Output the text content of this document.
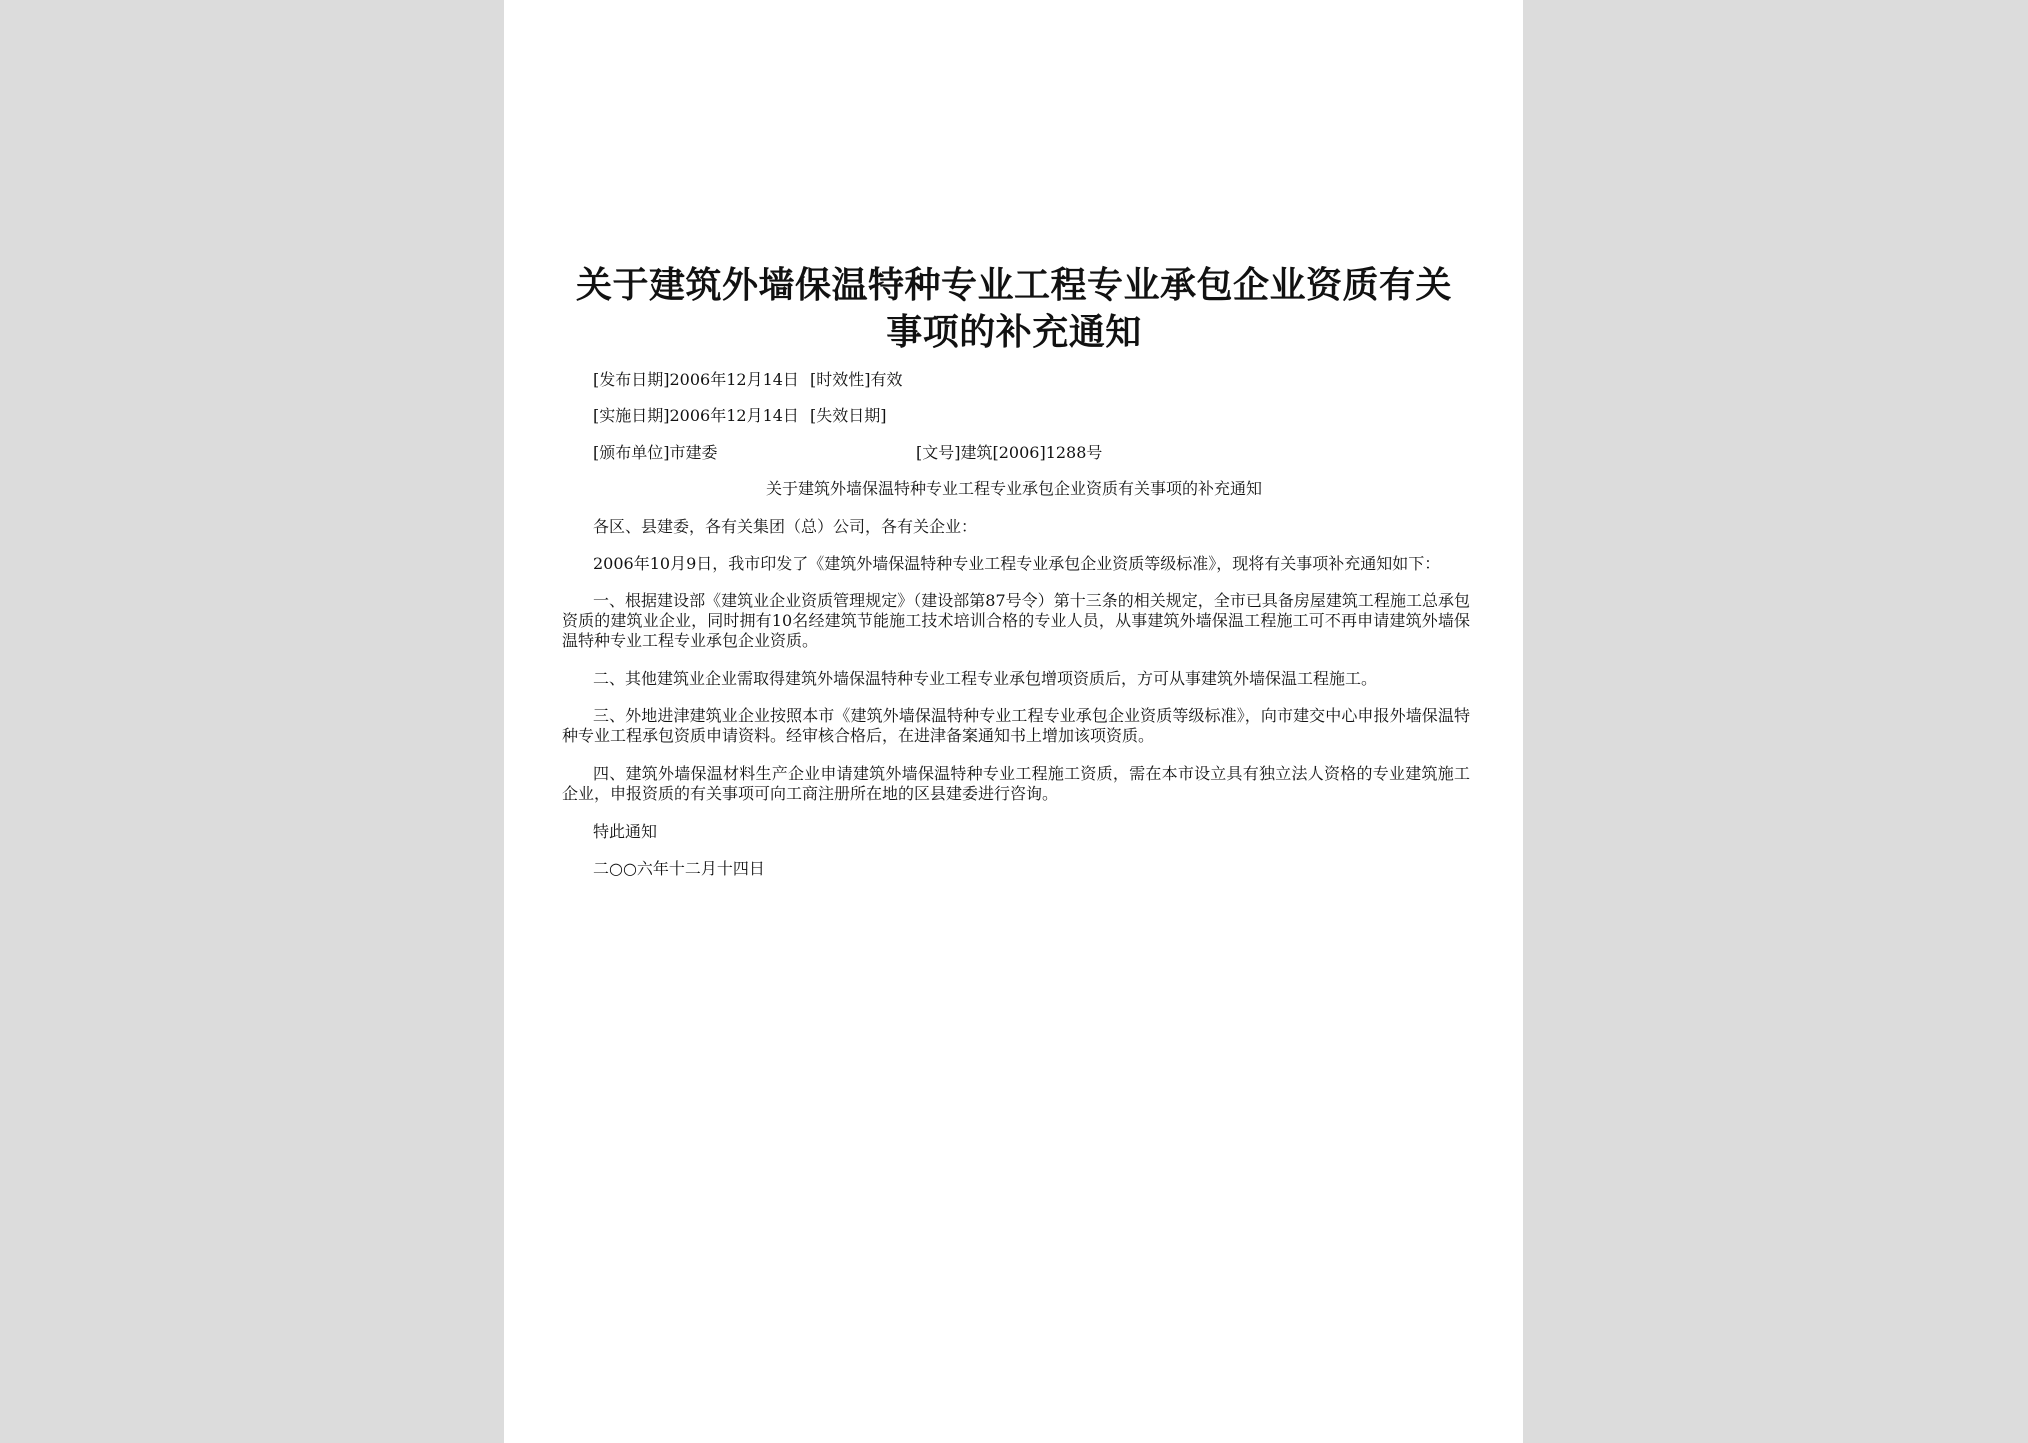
关于建筑外墙保温特种专业工程专业承包企业资质有关
事项的补充通知
[发布日期]2006年12月14日 [时效性]有效
[实施日期]2006年12月14日 [失效日期]
[颁布单位]市建委	[文号]建筑[2006]1288号
关于建筑外墙保温特种专业工程专业承包企业资质有关事项的补充通知

各区、县建委，各有关集团（总）公司，各有关企业：

2006年10月9日，我市印发了《建筑外墙保温特种专业工程专业承包企业资质等级标准》，现将有关事项补充通知如下：

一、根据建设部《建筑业企业资质管理规定》（建设部第87号令）第十三条的相关规定，全市已具备房屋建筑工程施工总承包资质的建筑业企业，同时拥有10名经建筑节能施工技术培训合格的专业人员，从事建筑外墙保温工程施工可不再申请建筑外墙保温特种专业工程专业承包企业资质。

二、其他建筑业企业需取得建筑外墙保温特种专业工程专业承包增项资质后，方可从事建筑外墙保温工程施工。

三、外地进津建筑业企业按照本市《建筑外墙保温特种专业工程专业承包企业资质等级标准》，向市建交中心申报外墙保温特种专业工程承包资质申请资料。经审核合格后，在进津备案通知书上增加该项资质。

四、建筑外墙保温材料生产企业申请建筑外墙保温特种专业工程施工资质，需在本市设立具有独立法人资格的专业建筑施工企业，申报资质的有关事项可向工商注册所在地的区县建委进行咨询。

特此通知

二○○六年十二月十四日
